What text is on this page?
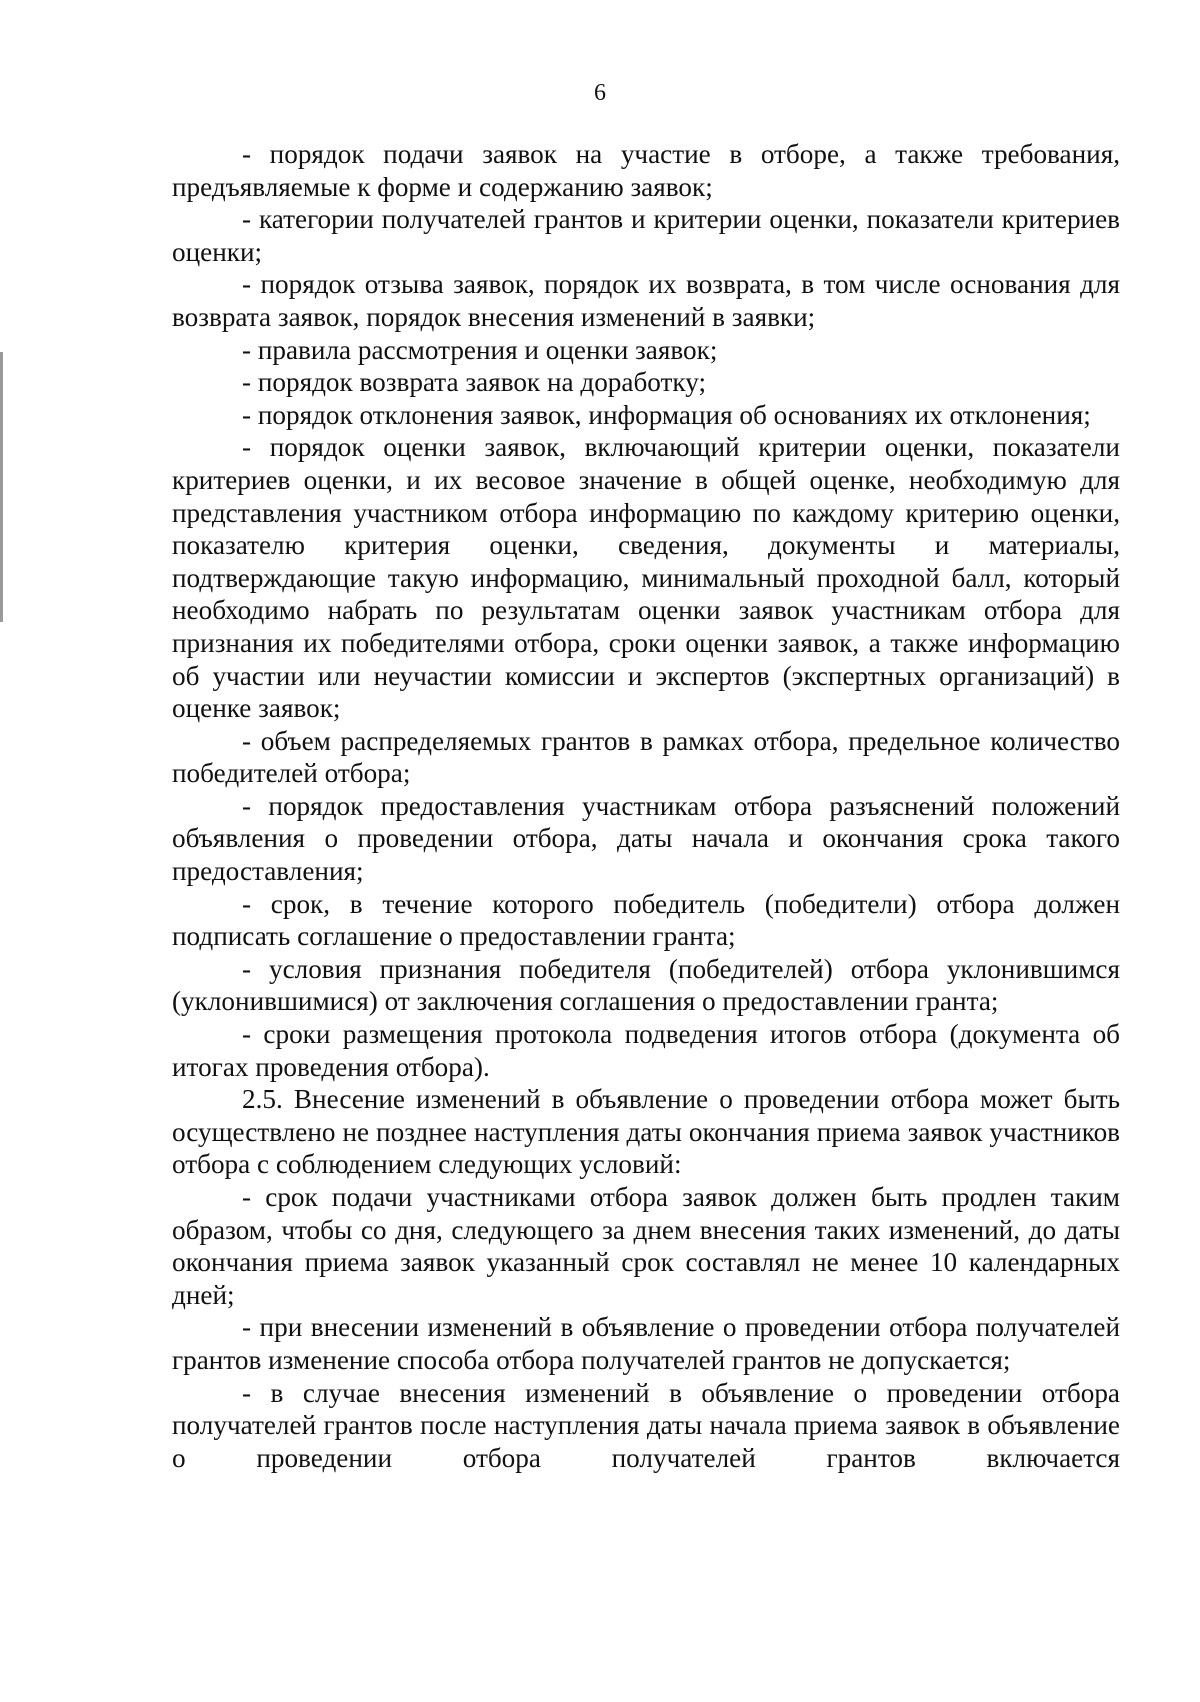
6

- порядок подачи заявок на участие в отборе, а также требования, предъявляемые к форме и содержанию заявок;

- категории получателей грантов и критерии оценки, показатели критериев оценки;

- порядок отзыва заявок, порядок их возврата, в том числе основания для возврата заявок, порядок внесения изменений в заявки;

- правила рассмотрения и оценки заявок;

- порядок возврата заявок на доработку;

- порядок отклонения заявок, информация об основаниях их отклонения;

- порядок оценки заявок, включающий критерии оценки, показатели критериев оценки, и их весовое значение в общей оценке, необходимую для представления участником отбора информацию по каждому критерию оценки, показателю критерия оценки, сведения, документы и материалы, подтверждающие такую информацию, минимальный проходной балл, который необходимо набрать по результатам оценки заявок участникам отбора для признания их победителями отбора, сроки оценки заявок, а также информацию об участии или неучастии комиссии и экспертов (экспертных организаций) в оценке заявок;

- объем распределяемых грантов в рамках отбора, предельное количество победителей отбора;

- порядок предоставления участникам отбора разъяснений положений объявления о проведении отбора, даты начала и окончания срока такого предоставления;

- срок, в течение которого победитель (победители) отбора должен подписать соглашение о предоставлении гранта;

- условия признания победителя (победителей) отбора уклонившимся (уклонившимися) от заключения соглашения о предоставлении гранта;

- сроки размещения протокола подведения итогов отбора (документа об итогах проведения отбора).

2.5. Внесение изменений в объявление о проведении отбора может быть осуществлено не позднее наступления даты окончания приема заявок участников отбора с соблюдением следующих условий:

- срок подачи участниками отбора заявок должен быть продлен таким образом, чтобы со дня, следующего за днем внесения таких изменений, до даты окончания приема заявок указанный срок составлял не менее 10 календарных дней;

- при внесении изменений в объявление о проведении отбора получателей грантов изменение способа отбора получателей грантов не допускается;

- в случае внесения изменений в объявление о проведении отбора получателей грантов после наступления даты начала приема заявок в объявление о проведении отбора получателей грантов включается
